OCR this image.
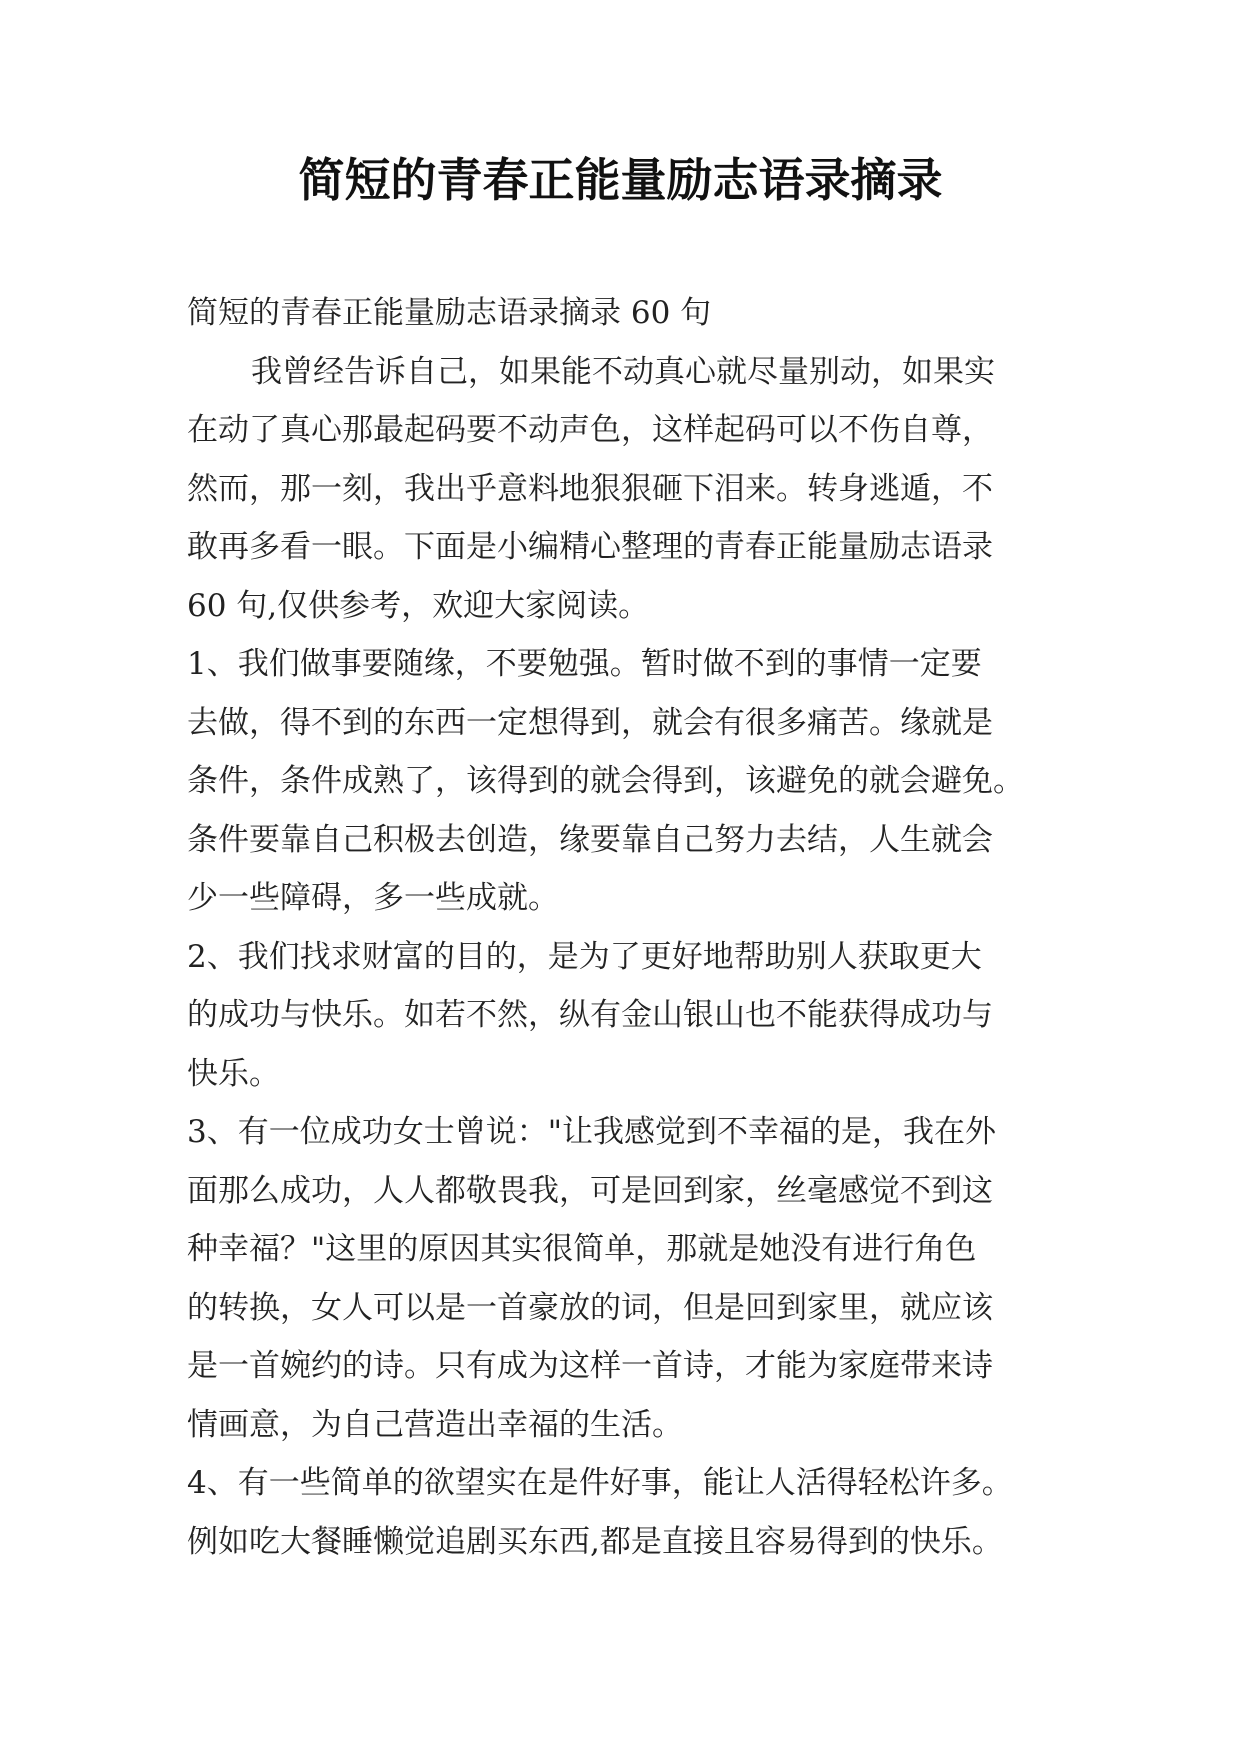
简短的青春正能量励志语录摘录
简短的青春正能量励志语录摘录 60 句
我曾经告诉自己，如果能不动真心就尽量别动，如果实
在动了真心那最起码要不动声色，这样起码可以不伤自尊，
然而，那一刻，我出乎意料地狠狠砸下泪来。转身逃遁，不
敢再多看一眼。下面是小编精心整理的青春正能量励志语录
60 句,仅供参考，欢迎大家阅读。
1、我们做事要随缘，不要勉强。暂时做不到的事情一定要
去做，得不到的东西一定想得到，就会有很多痛苦。缘就是
条件，条件成熟了，该得到的就会得到，该避免的就会避免。
条件要靠自己积极去创造，缘要靠自己努力去结，人生就会
少一些障碍，多一些成就。
2、我们找求财富的目的，是为了更好地帮助别人获取更大
的成功与快乐。如若不然，纵有金山银山也不能获得成功与
快乐。
3、有一位成功女士曾说："让我感觉到不幸福的是，我在外
面那么成功，人人都敬畏我，可是回到家，丝毫感觉不到这
种幸福？"这里的原因其实很简单，那就是她没有进行角色
的转换，女人可以是一首豪放的词，但是回到家里，就应该
是一首婉约的诗。只有成为这样一首诗，才能为家庭带来诗
情画意，为自己营造出幸福的生活。
4、有一些简单的欲望实在是件好事，能让人活得轻松许多。
例如吃大餐睡懒觉追剧买东西,都是直接且容易得到的快乐。
